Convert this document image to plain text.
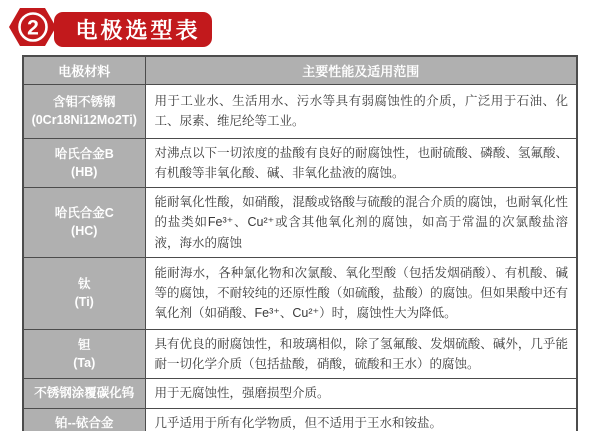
2	电极选型表
电极材料	主要性能及适用范围

含钼不锈钢
(0Cr18Ni12Mo2Ti)	用于工业水、生活用水、污水等具有弱腐蚀性的介质，广泛用于石油、化工、尿素、维尼纶等工业。

哈氏合金B
(HB)	对沸点以下一切浓度的盐酸有良好的耐腐蚀性，也耐硫酸、磷酸、氢氟酸、有机酸等非氧化酸、碱、非氧化盐液的腐蚀。

哈氏合金C
(HC)	能耐氧化性酸，如硝酸，混酸或铬酸与硫酸的混合介质的腐蚀，也耐氧化性的盐类如Fe³⁺、Cu²⁺或含其他氧化剂的腐蚀，如高于常温的次氯酸盐溶液，海水的腐蚀

钛
(Ti)	能耐海水，各种氯化物和次氯酸、氧化型酸（包括发烟硝酸）、有机酸、碱等的腐蚀，不耐较纯的还原性酸（如硫酸，盐酸）的腐蚀。但如果酸中还有氧化剂（如硝酸、Fe³⁺、Cu²⁺）时，腐蚀性大为降低。

钽
(Ta)	具有优良的耐腐蚀性，和玻璃相似，除了氢氟酸、发烟硫酸、碱外，几乎能耐一切化学介质（包括盐酸，硝酸，硫酸和王水）的腐蚀。

不锈钢涂覆碳化钨	用于无腐蚀性，强磨损型介质。

铂--铱合金	几乎适用于所有化学物质，但不适用于王水和铵盐。
